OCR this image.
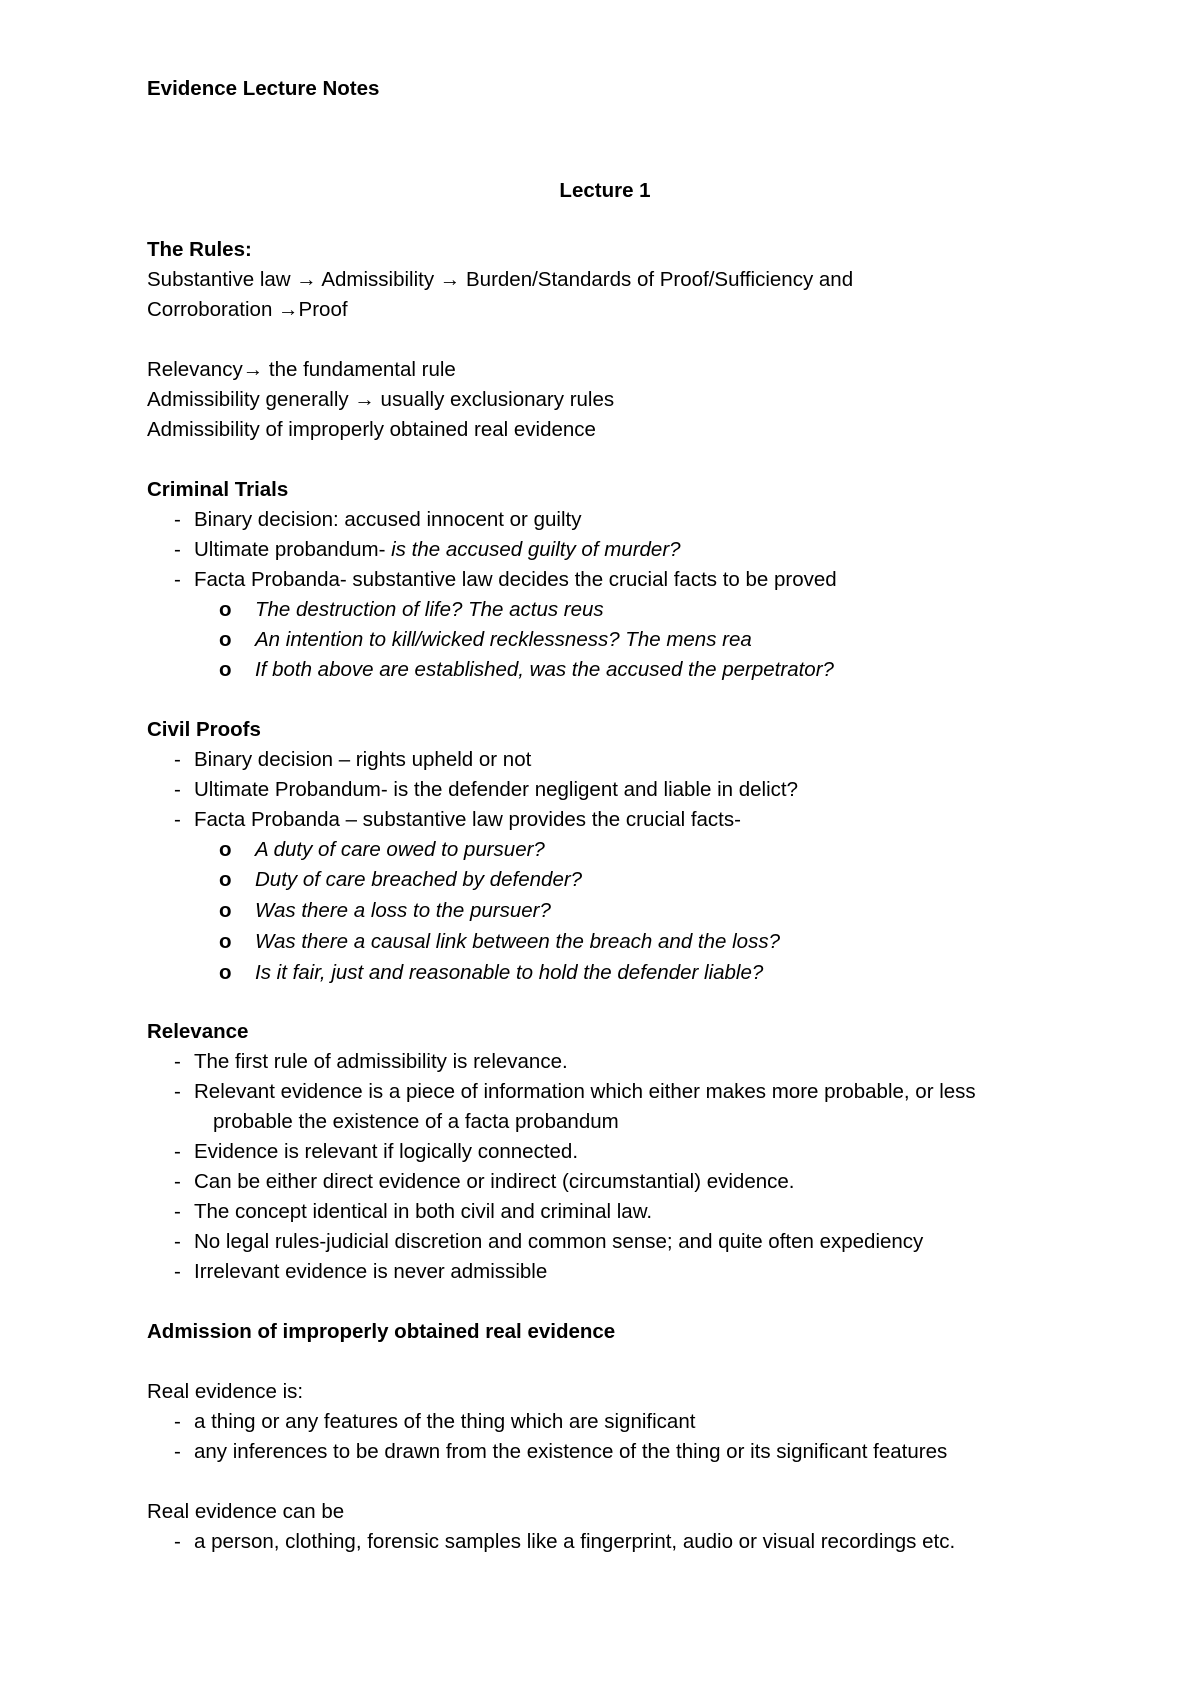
Evidence Lecture Notes
Lecture 1
The Rules:
Substantive law → Admissibility → Burden/Standards of Proof/Sufficiency and
Corroboration →Proof
Relevancy→ the fundamental rule
Admissibility generally → usually exclusionary rules
Admissibility of improperly obtained real evidence
Criminal Trials
- Binary decision: accused innocent or guilty
- Ultimate probandum- is the accused guilty of murder?
- Facta Probanda- substantive law decides the crucial facts to be proved
o The destruction of life? The actus reus
o An intention to kill/wicked recklessness? The mens rea
o If both above are established, was the accused the perpetrator?
Civil Proofs
- Binary decision – rights upheld or not
- Ultimate Probandum- is the defender negligent and liable in delict?
- Facta Probanda – substantive law provides the crucial facts-
o A duty of care owed to pursuer?
o Duty of care breached by defender?
o Was there a loss to the pursuer?
o Was there a causal link between the breach and the loss?
o Is it fair, just and reasonable to hold the defender liable?
Relevance
- The first rule of admissibility is relevance.
- Relevant evidence is a piece of information which either makes more probable, or less
probable the existence of a facta probandum
- Evidence is relevant if logically connected.
- Can be either direct evidence or indirect (circumstantial) evidence.
- The concept identical in both civil and criminal law.
- No legal rules-judicial discretion and common sense; and quite often expediency
- Irrelevant evidence is never admissible
Admission of improperly obtained real evidence
Real evidence is:
- a thing or any features of the thing which are significant
- any inferences to be drawn from the existence of the thing or its significant features
Real evidence can be
- a person, clothing, forensic samples like a fingerprint, audio or visual recordings etc.
